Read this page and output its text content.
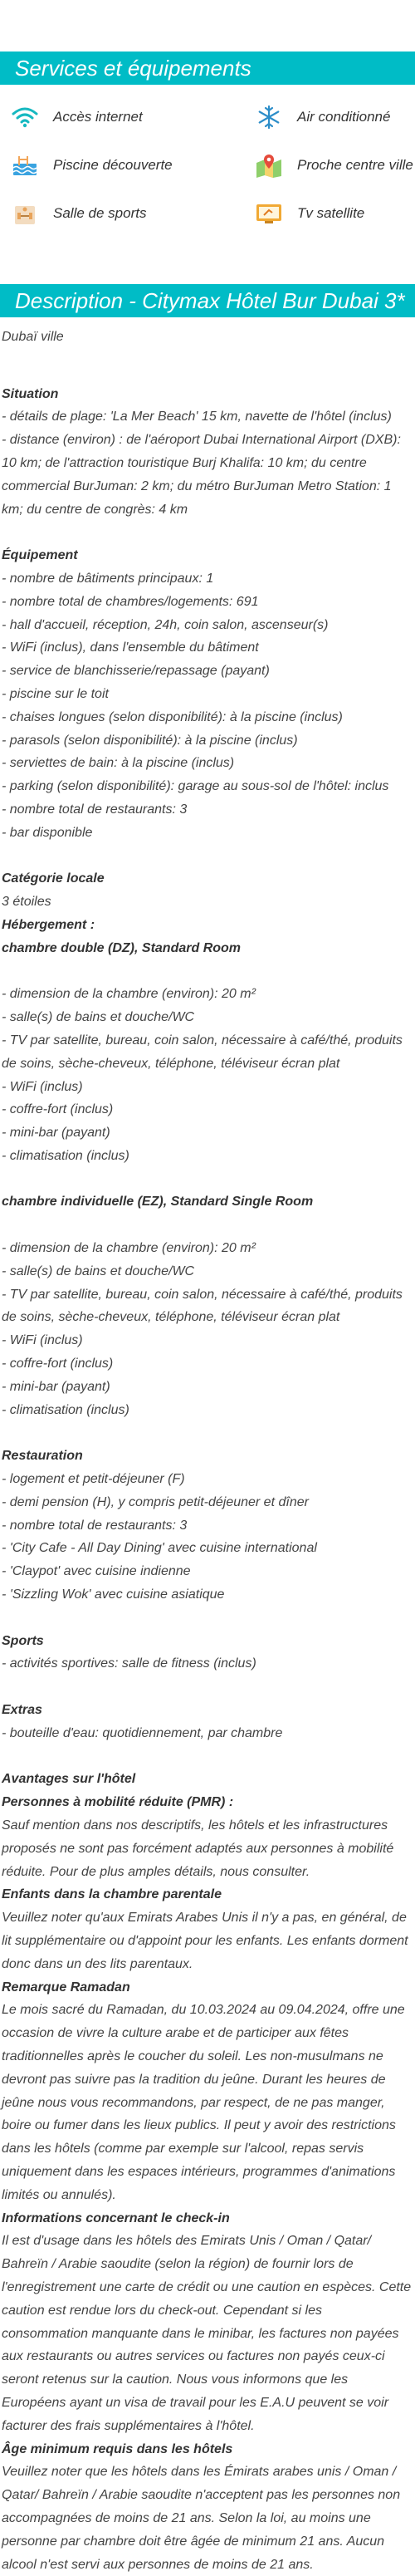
Services et équipements
Accès internet	Air conditionné
Piscine découverte	Proche centre ville
Salle de sports	Tv satellite
Description - Citymax Hôtel Bur Dubai 3*

Dubaï ville

Situation

- détails de plage: 'La Mer Beach' 15 km, navette de l'hôtel (inclus)

- distance (environ) : de l'aéroport Dubai International Airport (DXB): 10 km; de l'attraction touristique Burj Khalifa: 10 km; du centre commercial BurJuman: 2 km; du métro BurJuman Metro Station: 1 km; du centre de congrès: 4 km

Équipement

- nombre de bâtiments principaux: 1

- nombre total de chambres/logements: 691

- hall d'accueil, réception, 24h, coin salon, ascenseur(s)

- WiFi (inclus), dans l'ensemble du bâtiment

- service de blanchisserie/repassage (payant)

- piscine sur le toit

- chaises longues (selon disponibilité): à la piscine (inclus)

- parasols (selon disponibilité): à la piscine (inclus)

- serviettes de bain: à la piscine (inclus)

- parking (selon disponibilité): garage au sous-sol de l'hôtel: inclus

- nombre total de restaurants: 3

- bar disponible

Catégorie locale

3 étoiles

Hébergement :

chambre double (DZ), Standard Room

- dimension de la chambre (environ): 20 m²

- salle(s) de bains et douche/WC

- TV par satellite, bureau, coin salon, nécessaire à café/thé, produits de soins, sèche-cheveux, téléphone, téléviseur écran plat

- WiFi (inclus)

- coffre-fort (inclus)

- mini-bar (payant)

- climatisation (inclus)

chambre individuelle (EZ), Standard Single Room

- dimension de la chambre (environ): 20 m²

- salle(s) de bains et douche/WC

- TV par satellite, bureau, coin salon, nécessaire à café/thé, produits de soins, sèche-cheveux, téléphone, téléviseur écran plat

- WiFi (inclus)

- coffre-fort (inclus)

- mini-bar (payant)

- climatisation (inclus)

Restauration

- logement et petit-déjeuner (F)

- demi pension (H), y compris petit-déjeuner et dîner

- nombre total de restaurants: 3

- 'City Cafe - All Day Dining' avec cuisine international

- 'Claypot' avec cuisine indienne

- 'Sizzling Wok' avec cuisine asiatique

Sports

- activités sportives: salle de fitness (inclus)

Extras

- bouteille d'eau: quotidiennement, par chambre

Avantages sur l'hôtel

Personnes à mobilité réduite (PMR) :

Sauf mention dans nos descriptifs, les hôtels et les infrastructures proposés ne sont pas forcément adaptés aux personnes à mobilité réduite. Pour de plus amples détails, nous consulter.

Enfants dans la chambre parentale

Veuillez noter qu'aux Emirats Arabes Unis il n'y a pas, en général, de lit supplémentaire ou d'appoint pour les enfants. Les enfants dorment donc dans un des lits parentaux.

Remarque Ramadan

Le mois sacré du Ramadan, du 10.03.2024 au 09.04.2024, offre une occasion de vivre la culture arabe et de participer aux fêtes traditionnelles après le coucher du soleil. Les non-musulmans ne devront pas suivre pas la tradition du jeûne. Durant les heures de jeûne nous vous recommandons, par respect, de ne pas manger, boire ou fumer dans les lieux publics. Il peut y avoir des restrictions dans les hôtels (comme par exemple sur l'alcool, repas servis uniquement dans les espaces intérieurs, programmes d'animations limités ou annulés).

Informations concernant le check-in

Il est d'usage dans les hôtels des Emirats Unis / Oman / Qatar/ Bahreïn / Arabie saoudite (selon la région) de fournir lors de l'enregistrement une carte de crédit ou une caution en espèces. Cette caution est rendue lors du check-out. Cependant si les consommation manquante dans le minibar, les factures non payées aux restaurants ou autres services ou factures non payés ceux-ci seront retenus sur la caution. Nous vous informons que les Européens ayant un visa de travail pour les E.A.U peuvent se voir facturer des frais supplémentaires à l'hôtel.

Âge minimum requis dans les hôtels

Veuillez noter que les hôtels dans les Émirats arabes unis / Oman / Qatar/ Bahreïn / Arabie saoudite n'acceptent pas les personnes non accompagnées de moins de 21 ans. Selon la loi, au moins une personne par chambre doit être âgée de minimum 21 ans. Aucun alcool n'est servi aux personnes de moins de 21 ans.
